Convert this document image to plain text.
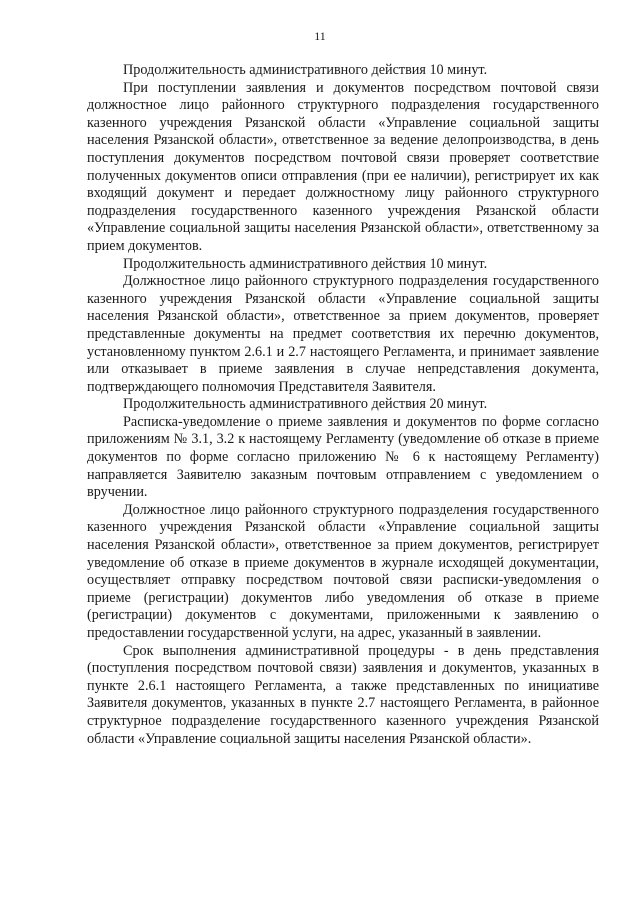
11

Продолжительность административного действия 10 минут.

При поступлении заявления и документов посредством почтовой связи должностное лицо районного структурного подразделения государственного казенного учреждения Рязанской области «Управление социальной защиты населения Рязанской области», ответственное за ведение делопроизводства, в день поступления документов посредством почтовой связи проверяет соответствие полученных документов описи отправления (при ее наличии), регистрирует их как входящий документ и передает должностному лицу районного структурного подразделения государственного казенного учреждения Рязанской области «Управление социальной защиты населения Рязанской области», ответственному за прием документов.

Продолжительность административного действия 10 минут.

Должностное лицо районного структурного подразделения государственного казенного учреждения Рязанской области «Управление социальной защиты населения Рязанской области», ответственное за прием документов, проверяет представленные документы на предмет соответствия их перечню документов, установленному пунктом 2.6.1 и 2.7 настоящего Регламента, и принимает заявление или отказывает в приеме заявления в случае непредставления документа, подтверждающего полномочия Представителя Заявителя.

Продолжительность административного действия 20 минут.

Расписка-уведомление о приеме заявления и документов по форме согласно приложениям № 3.1, 3.2 к настоящему Регламенту (уведомление об отказе в приеме документов по форме согласно приложению № 6 к настоящему Регламенту) направляется Заявителю заказным почтовым отправлением с уведомлением о вручении.

Должностное лицо районного структурного подразделения государственного казенного учреждения Рязанской области «Управление социальной защиты населения Рязанской области», ответственное за прием документов, регистрирует уведомление об отказе в приеме документов в журнале исходящей документации, осуществляет отправку посредством почтовой связи расписки-уведомления о приеме (регистрации) документов либо уведомления об отказе в приеме (регистрации) документов с документами, приложенными к заявлению о предоставлении государственной услуги, на адрес, указанный в заявлении.

Срок выполнения административной процедуры - в день представления (поступления посредством почтовой связи) заявления и документов, указанных в пункте 2.6.1 настоящего Регламента, а также представленных по инициативе Заявителя документов, указанных в пункте 2.7 настоящего Регламента, в районное структурное подразделение государственного казенного учреждения Рязанской области «Управление социальной защиты населения Рязанской области».
